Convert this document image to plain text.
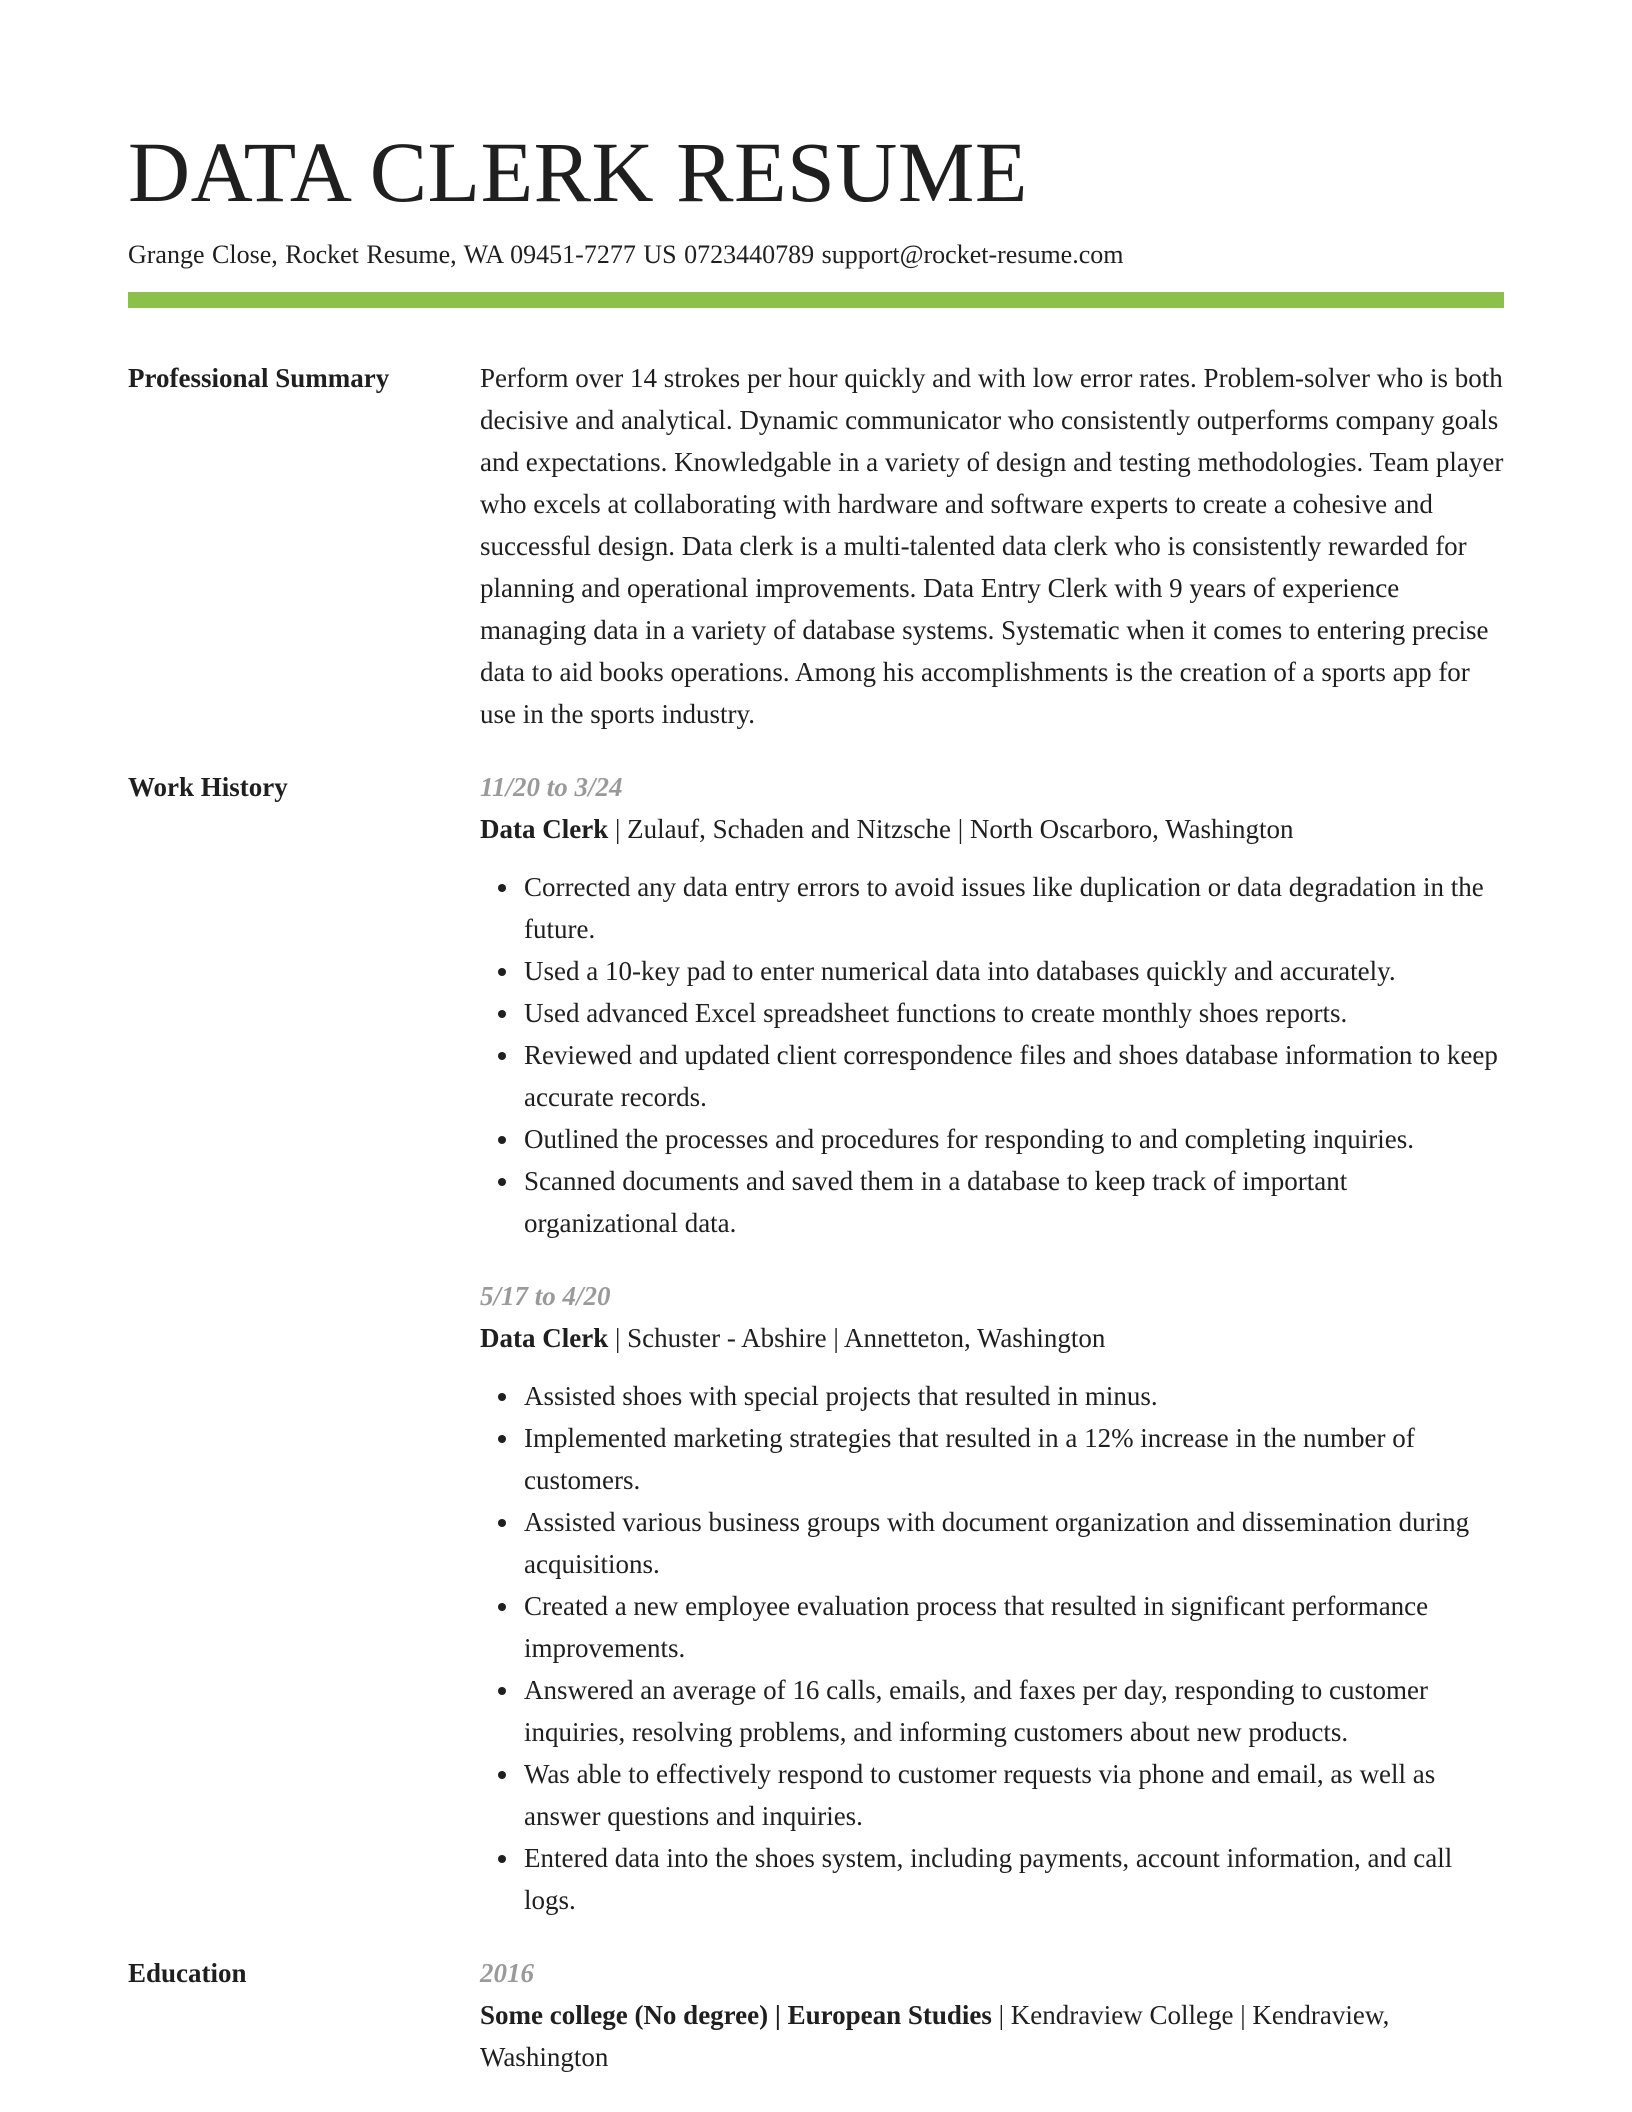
DATA CLERK RESUME
Grange Close, Rocket Resume, WA 09451-7277 US 0723440789 support@rocket-resume.com
Professional Summary	Perform over 14 strokes per hour quickly and with low error rates. Problem-solver who is both decisive and analytical. Dynamic communicator who consistently outperforms company goals and expectations. Knowledgable in a variety of design and testing methodologies. Team player who excels at collaborating with hardware and software experts to create a cohesive and successful design. Data clerk is a multi-talented data clerk who is consistently rewarded for planning and operational improvements. Data Entry Clerk with 9 years of experience managing data in a variety of database systems. Systematic when it comes to entering precise data to aid books operations. Among his accomplishments is the creation of a sports app for use in the sports industry.

Work History	11/20 to 3/24
Data Clerk | Zulauf, Schaden and Nitzsche | North Oscarboro, Washington
Corrected any data entry errors to avoid issues like duplication or data degradation in the future.
Used a 10-key pad to enter numerical data into databases quickly and accurately.
Used advanced Excel spreadsheet functions to create monthly shoes reports.
Reviewed and updated client correspondence files and shoes database information to keep accurate records.
Outlined the processes and procedures for responding to and completing inquiries.
Scanned documents and saved them in a database to keep track of important organizational data.
5/17 to 4/20
Data Clerk | Schuster - Abshire | Annetteton, Washington
Assisted shoes with special projects that resulted in minus.
Implemented marketing strategies that resulted in a 12% increase in the number of customers.
Assisted various business groups with document organization and dissemination during acquisitions.
Created a new employee evaluation process that resulted in significant performance improvements.
Answered an average of 16 calls, emails, and faxes per day, responding to customer inquiries, resolving problems, and informing customers about new products.
Was able to effectively respond to customer requests via phone and email, as well as answer questions and inquiries.
Entered data into the shoes system, including payments, account information, and call logs.
Education	2016
Some college (No degree) | European Studies | Kendraview College | Kendraview, Washington
